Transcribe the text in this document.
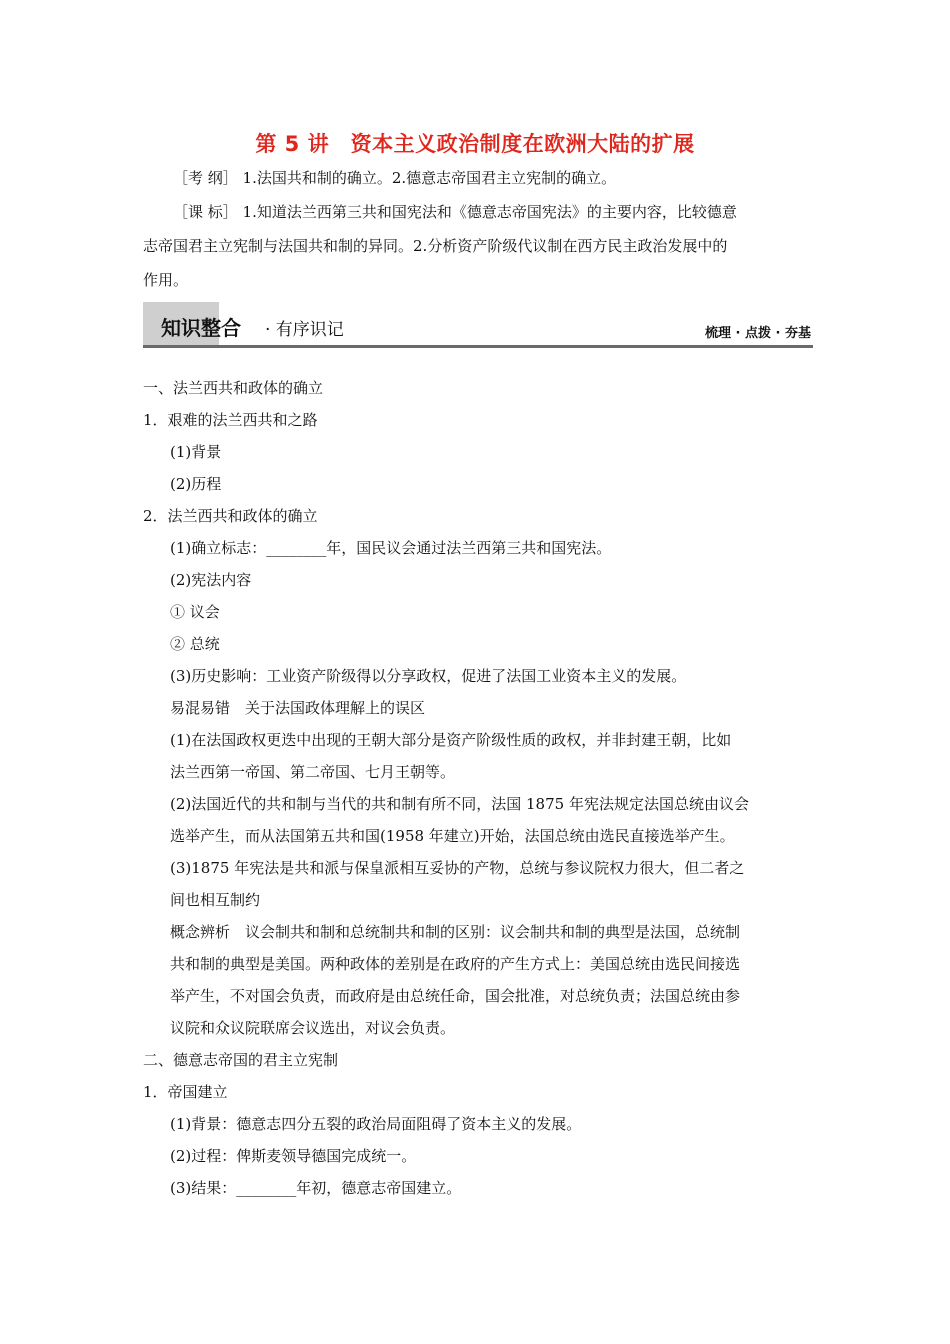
第 5 讲　资本主义政治制度在欧洲大陆的扩展

［考 纲］ 1.法国共和制的确立。2.德意志帝国君主立宪制的确立。

［课 标］ 1.知道法兰西第三共和国宪法和《德意志帝国宪法》的主要内容，比较德意

志帝国君主立宪制与法国共和制的异同。2.分析资产阶级代议制在西方民主政治发展中的

作用。

知识整合 · 有序识记	梳理 · 点拨 · 夯基

一、法兰西共和政体的确立

1．艰难的法兰西共和之路

(1)背景

(2)历程

2．法兰西共和政体的确立

(1)确立标志：________年，国民议会通过法兰西第三共和国宪法。

(2)宪法内容

① 议会

② 总统

(3)历史影响：工业资产阶级得以分享政权，促进了法国工业资本主义的发展。

易混易错　关于法国政体理解上的误区

(1)在法国政权更迭中出现的王朝大部分是资产阶级性质的政权，并非封建王朝，比如

法兰西第一帝国、第二帝国、七月王朝等。

(2)法国近代的共和制与当代的共和制有所不同，法国 1875 年宪法规定法国总统由议会

选举产生，而从法国第五共和国(1958 年建立)开始，法国总统由选民直接选举产生。

(3)1875 年宪法是共和派与保皇派相互妥协的产物，总统与参议院权力很大，但二者之

间也相互制约

概念辨析　议会制共和制和总统制共和制的区别：议会制共和制的典型是法国，总统制

共和制的典型是美国。两种政体的差别是在政府的产生方式上：美国总统由选民间接选

举产生，不对国会负责，而政府是由总统任命，国会批准，对总统负责；法国总统由参

议院和众议院联席会议选出，对议会负责。

二、德意志帝国的君主立宪制

1．帝国建立

(1)背景：德意志四分五裂的政治局面阻碍了资本主义的发展。

(2)过程：俾斯麦领导德国完成统一。

(3)结果：________年初，德意志帝国建立。
